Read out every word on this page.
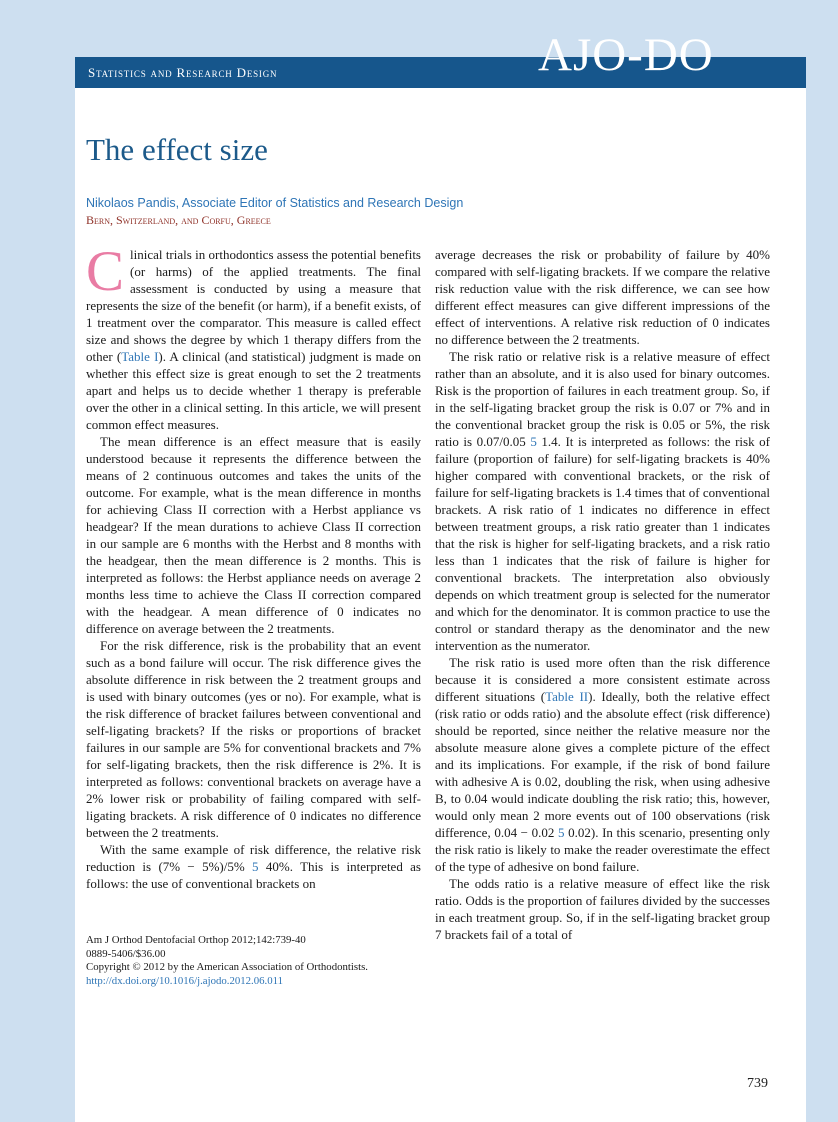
Statistics and Research Design	AJO-DO
The effect size
Nikolaos Pandis, Associate Editor of Statistics and Research Design
Bern, Switzerland, and Corfu, Greece

Clinical trials in orthodontics assess the potential benefits (or harms) of the applied treatments. The final assessment is conducted by using a measure that represents the size of the benefit (or harm), if a benefit exists, of 1 treatment over the comparator. This measure is called effect size and shows the degree by which 1 therapy differs from the other (Table I). A clinical (and statistical) judgment is made on whether this effect size is great enough to set the 2 treatments apart and helps us to decide whether 1 therapy is preferable over the other in a clinical setting. In this article, we will present common effect measures.

The mean difference is an effect measure that is easily understood because it represents the difference between the means of 2 continuous outcomes and takes the units of the outcome. For example, what is the mean difference in months for achieving Class II correction with a Herbst appliance vs headgear? If the mean durations to achieve Class II correction in our sample are 6 months with the Herbst and 8 months with the headgear, then the mean difference is 2 months. This is interpreted as follows: the Herbst appliance needs on average 2 months less time to achieve the Class II correction compared with the headgear. A mean difference of 0 indicates no difference on average between the 2 treatments.

For the risk difference, risk is the probability that an event such as a bond failure will occur. The risk difference gives the absolute difference in risk between the 2 treatment groups and is used with binary outcomes (yes or no). For example, what is the risk difference of bracket failures between conventional and self-ligating brackets? If the risks or proportions of bracket failures in our sample are 5% for conventional brackets and 7% for self-ligating brackets, then the risk difference is 2%. It is interpreted as follows: conventional brackets on average have a 2% lower risk or probability of failing compared with self-ligating brackets. A risk difference of 0 indicates no difference between the 2 treatments.

With the same example of risk difference, the relative risk reduction is (7% − 5%)/5% 5 40%. This is interpreted as follows: the use of conventional brackets on

Am J Orthod Dentofacial Orthop 2012;142:739-40
0889-5406/$36.00
Copyright © 2012 by the American Association of Orthodontists.
http://dx.doi.org/10.1016/j.ajodo.2012.06.011

average decreases the risk or probability of failure by 40% compared with self-ligating brackets. If we compare the relative risk reduction value with the risk difference, we can see how different effect measures can give different impressions of the effect of interventions. A relative risk reduction of 0 indicates no difference between the 2 treatments.

The risk ratio or relative risk is a relative measure of effect rather than an absolute, and it is also used for binary outcomes. Risk is the proportion of failures in each treatment group. So, if in the self-ligating bracket group the risk is 0.07 or 7% and in the conventional bracket group the risk is 0.05 or 5%, the risk ratio is 0.07/0.05 5 1.4. It is interpreted as follows: the risk of failure (proportion of failure) for self-ligating brackets is 40% higher compared with conventional brackets, or the risk of failure for self-ligating brackets is 1.4 times that of conventional brackets. A risk ratio of 1 indicates no difference in effect between treatment groups, a risk ratio greater than 1 indicates that the risk is higher for self-ligating brackets, and a risk ratio less than 1 indicates that the risk of failure is higher for conventional brackets. The interpretation also obviously depends on which treatment group is selected for the numerator and which for the denominator. It is common practice to use the control or standard therapy as the denominator and the new intervention as the numerator.

The risk ratio is used more often than the risk difference because it is considered a more consistent estimate across different situations (Table II). Ideally, both the relative effect (risk ratio or odds ratio) and the absolute effect (risk difference) should be reported, since neither the relative measure nor the absolute measure alone gives a complete picture of the effect and its implications. For example, if the risk of bond failure with adhesive A is 0.02, doubling the risk, when using adhesive B, to 0.04 would indicate doubling the risk ratio; this, however, would only mean 2 more events out of 100 observations (risk difference, 0.04 − 0.02 5 0.02). In this scenario, presenting only the risk ratio is likely to make the reader overestimate the effect of the type of adhesive on bond failure.

The odds ratio is a relative measure of effect like the risk ratio. Odds is the proportion of failures divided by the successes in each treatment group. So, if in the self-ligating bracket group 7 brackets fail of a total of

739
